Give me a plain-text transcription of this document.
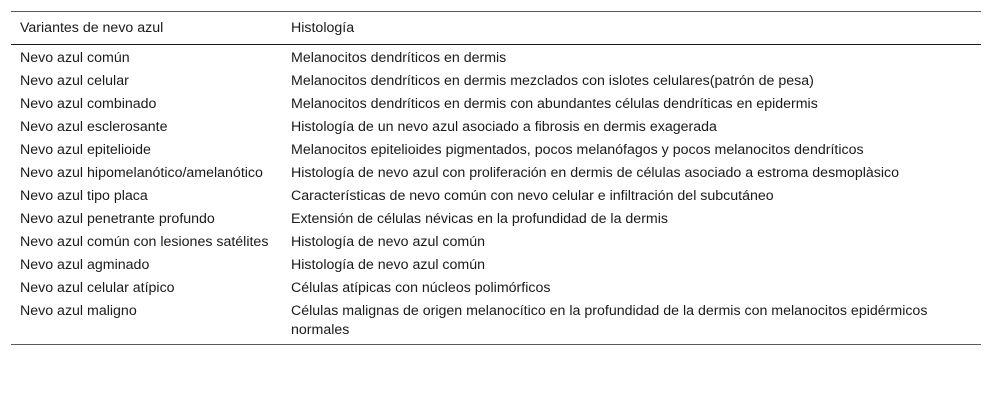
Variantes de nevo azul	Histología
Nevo azul común	Melanocitos dendríticos en dermis
Nevo azul celular	Melanocitos dendríticos en dermis mezclados con islotes celulares(patrón de pesa)
Nevo azul combinado	Melanocitos dendríticos en dermis con abundantes células dendríticas en epidermis
Nevo azul esclerosante	Histología de un nevo azul asociado a fibrosis en dermis exagerada
Nevo azul epitelioide	Melanocitos epitelioides pigmentados, pocos melanófagos y pocos melanocitos dendríticos
Nevo azul hipomelanótico/amelanótico	Histología de nevo azul con proliferación en dermis de células asociado a estroma desmoplàsico
Nevo azul tipo placa	Características de nevo común con nevo celular e infiltración del subcutáneo
Nevo azul penetrante profundo	Extensión de células névicas en la profundidad de la dermis
Nevo azul común con lesiones satélites	Histología de nevo azul común
Nevo azul agminado	Histología de nevo azul común
Nevo azul celular atípico	Células atípicas con núcleos polimórficos
Nevo azul maligno	Células malignas de origen melanocítico en la profundidad de la dermis con melanocitos epidérmicos normales
